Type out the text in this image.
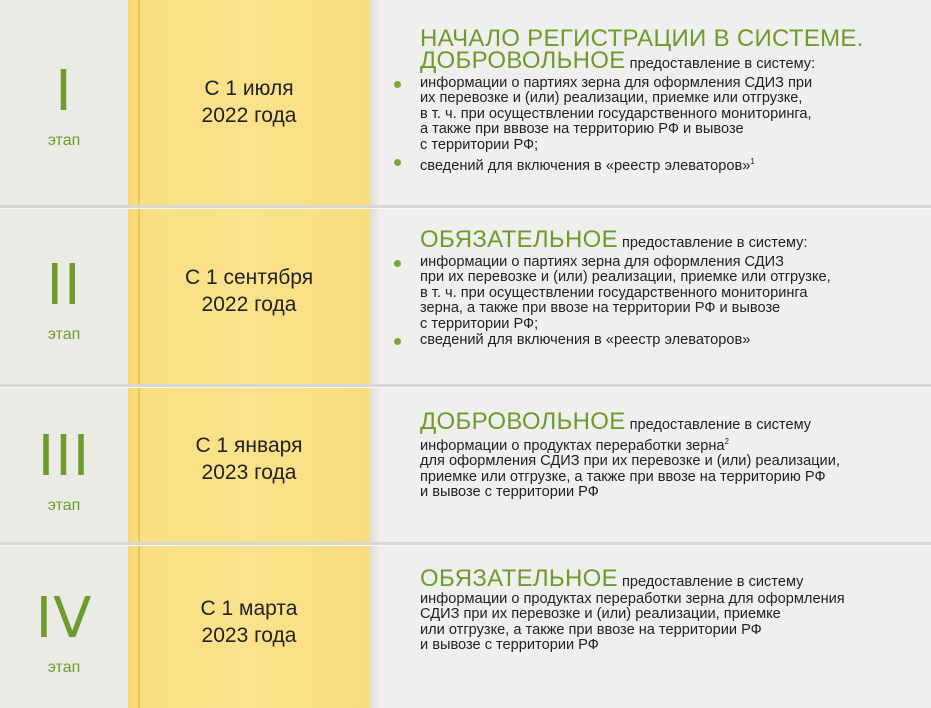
I
этап
С 1 июля
2022 года
НАЧАЛО РЕГИСТРАЦИИ В СИСТЕМЕ.
ДОБРОВОЛЬНОЕ предоставление в систему:
информации о партиях зерна для оформления СДИЗ при
их перевозке и (или) реализации, приемке или отгрузке,
в т. ч. при осуществлении государственного мониторинга,
а также при вввозе на территорию РФ и вывозе
с территории РФ;
сведений для включения в «реестр элеваторов»$^1$
II
этап
С 1 сентября
2022 года
ОБЯЗАТЕЛЬНОЕ предоставление в систему:
информации о партиях зерна для оформления СДИЗ
при их перевозке и (или) реализации, приемке или отгрузке,
в т. ч. при осуществлении государственного мониторинга
зерна, а также при ввозе на территории РФ и вывозе
с территории РФ;
сведений для включения в «реестр элеваторов»
III
этап
С 1 января
2023 года
ДОБРОВОЛЬНОЕ предоставление в систему
информации о продуктах переработки зерна$^2$
для оформления СДИЗ при их перевозке и (или) реализации,
приемке или отгрузке, а также при ввозе на территорию РФ
и вывозе с территории РФ
IV
этап
С 1 марта
2023 года
ОБЯЗАТЕЛЬНОЕ предоставление в систему
информации о продуктах переработки зерна для оформления
СДИЗ при их перевозке и (или) реализации, приемке
или отгрузке, а также при ввозе на территории РФ
и вывозе с территории РФ
